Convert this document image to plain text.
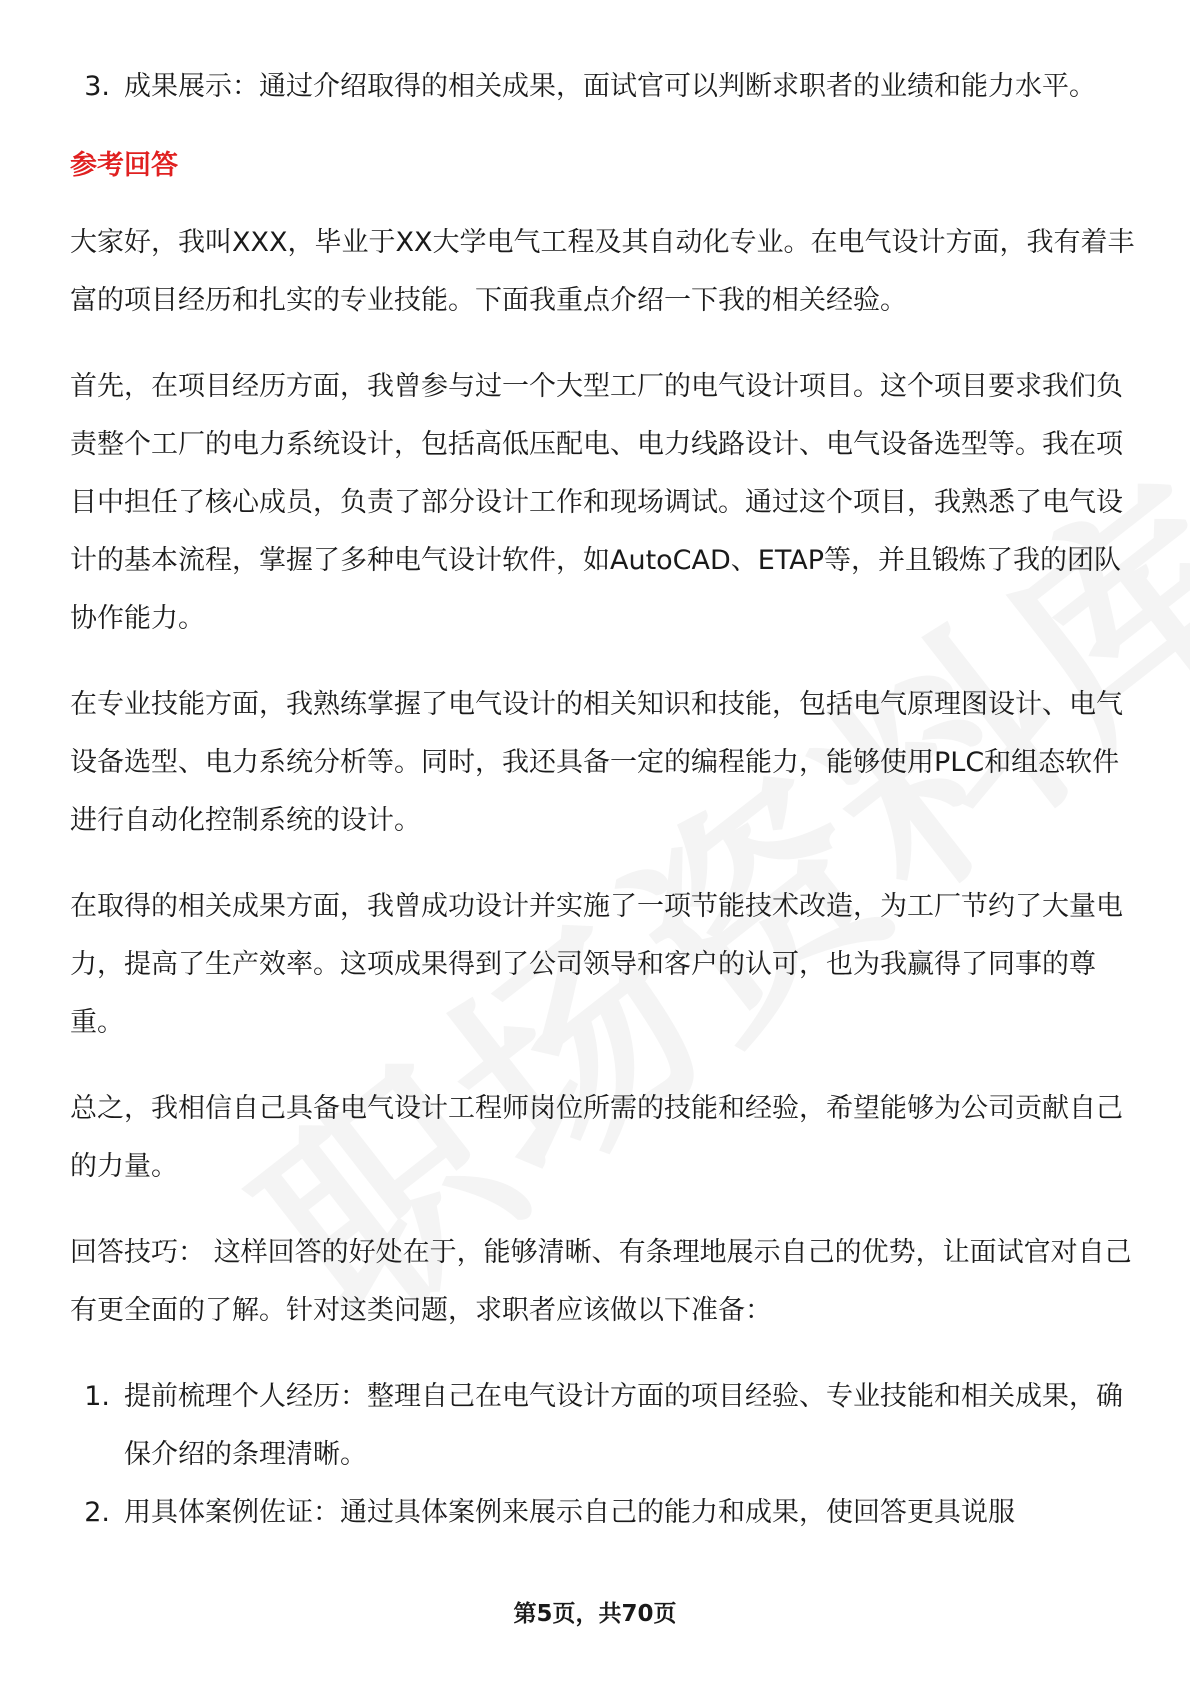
3. 成果展示：通过介绍取得的相关成果，面试官可以判断求职者的业绩和能力水平。
参考回答

大家好，我叫XXX，毕业于XX大学电气工程及其自动化专业。在电气设计方面，我有着丰富的项目经历和扎实的专业技能。下面我重点介绍一下我的相关经验。

首先，在项目经历方面，我曾参与过一个大型工厂的电气设计项目。这个项目要求我们负责整个工厂的电力系统设计，包括高低压配电、电力线路设计、电气设备选型等。我在项目中担任了核心成员，负责了部分设计工作和现场调试。通过这个项目，我熟悉了电气设计的基本流程，掌握了多种电气设计软件，如AutoCAD、ETAP等，并且锻炼了我的团队协作能力。

在专业技能方面，我熟练掌握了电气设计的相关知识和技能，包括电气原理图设计、电气设备选型、电力系统分析等。同时，我还具备一定的编程能力，能够使用PLC和组态软件进行自动化控制系统的设计。

在取得的相关成果方面，我曾成功设计并实施了一项节能技术改造，为工厂节约了大量电力，提高了生产效率。这项成果得到了公司领导和客户的认可，也为我赢得了同事的尊重。

总之，我相信自己具备电气设计工程师岗位所需的技能和经验，希望能够为公司贡献自己的力量。

回答技巧： 这样回答的好处在于，能够清晰、有条理地展示自己的优势，让面试官对自己有更全面的了解。针对这类问题，求职者应该做以下准备：

1. 提前梳理个人经历：整理自己在电气设计方面的项目经验、专业技能和相关成果，确保介绍的条理清晰。
2. 用具体案例佐证：通过具体案例来展示自己的能力和成果，使回答更具说服
第5页，共70页
